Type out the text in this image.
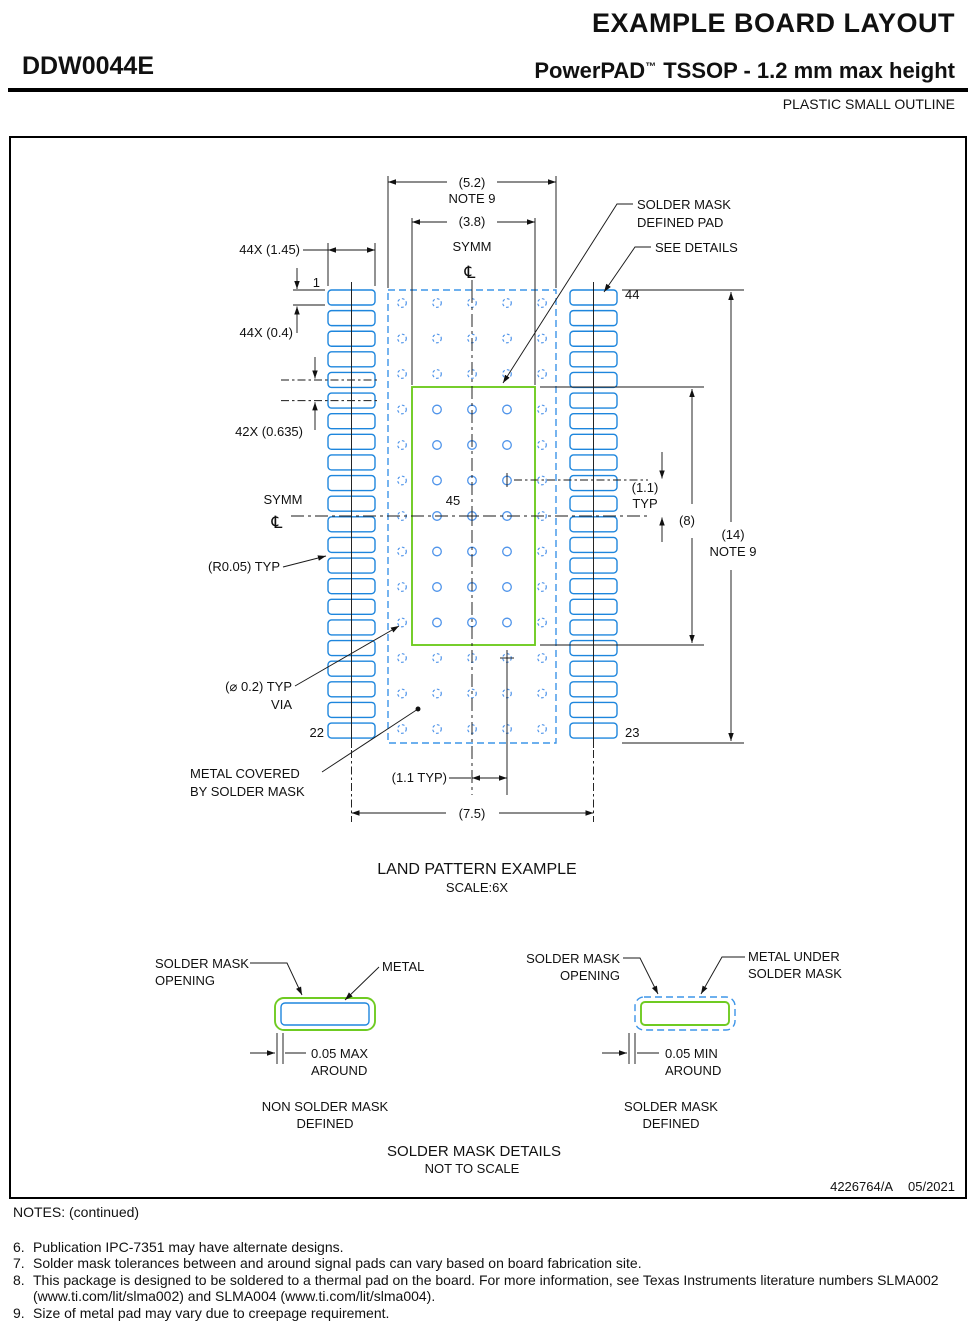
EXAMPLE BOARD LAYOUT
DDW0044E	PowerPAD™ TSSOP - 1.2 mm max height
PLASTIC SMALL OUTLINE
(5.2)
NOTE 9
(3.8)
SYMM
℄
44X (1.45)
1
44X (0.4)
42X (0.635)
SYMM
℄
(R0.05) TYP
(⌀ 0.2) TYP
VIA
METAL COVERED
BY SOLDER MASK
22	23
44
45
(1.1)
TYP
(8)
(14)
NOTE 9
SOLDER MASK
DEFINED PAD
SEE DETAILS
(1.1 TYP)
(7.5)
LAND PATTERN EXAMPLE
SCALE:6X
SOLDER MASK
OPENING
METAL
0.05 MAX
AROUND
NON SOLDER MASK
DEFINED
SOLDER MASK
OPENING
METAL UNDER
SOLDER MASK
0.05 MIN
AROUND
SOLDER MASK
DEFINED
SOLDER MASK DETAILS
NOT TO SCALE
4226764/A 05/2021

NOTES: (continued)

6. Publication IPC-7351 may have alternate designs.
7. Solder mask tolerances between and around signal pads can vary based on board fabrication site.
8. This package is designed to be soldered to a thermal pad on the board. For more information, see Texas Instruments literature numbers SLMA002 (www.ti.com/lit/slma002) and SLMA004 (www.ti.com/lit/slma004).
9. Size of metal pad may vary due to creepage requirement.
